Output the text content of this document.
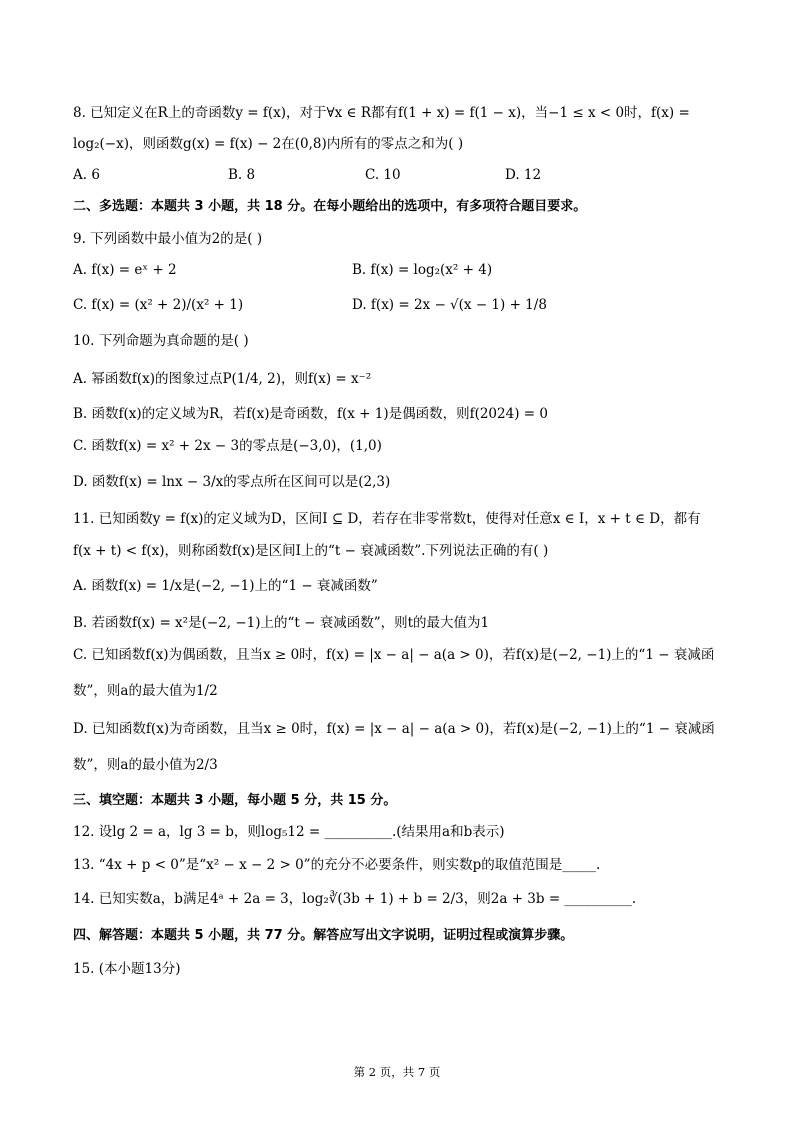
8. 已知定义在R上的奇函数y = f(x)，对于∀x ∈ R都有f(1 + x) = f(1 − x)，当−1 ≤ x < 0时，f(x) =
log₂(−x)，则函数g(x) = f(x) − 2在(0,8)内所有的零点之和为( )
A. 6	B. 8	C. 10	D. 12
二、多选题：本题共 3 小题，共 18 分。在每小题给出的选项中，有多项符合题目要求。
9. 下列函数中最小值为2的是( )
A. f(x) = eˣ + 2	B. f(x) = log₂(x² + 4)
C. f(x) = (x² + 2)/(x² + 1)	D. f(x) = 2x − √(x − 1) + 1/8
10. 下列命题为真命题的是( )
A. 幂函数f(x)的图象过点P(1/4, 2)，则f(x) = x⁻²
B. 函数f(x)的定义域为R，若f(x)是奇函数，f(x + 1)是偶函数，则f(2024) = 0
C. 函数f(x) = x² + 2x − 3的零点是(−3,0)，(1,0)
D. 函数f(x) = lnx − 3/x的零点所在区间可以是(2,3)
11. 已知函数y = f(x)的定义域为D，区间I ⊆ D，若存在非零常数t，使得对任意x ∈ I，x + t ∈ D，都有
f(x + t) < f(x)，则称函数f(x)是区间I上的“t − 衰减函数”.下列说法正确的有( )
A. 函数f(x) = 1/x是(−2, −1)上的“1 − 衰减函数”
B. 若函数f(x) = x²是(−2, −1)上的“t − 衰减函数”，则t的最大值为1
C. 已知函数f(x)为偶函数，且当x ≥ 0时，f(x) = |x − a| − a(a > 0)，若f(x)是(−2, −1)上的“1 − 衰减函
数”，则a的最大值为1/2
D. 已知函数f(x)为奇函数，且当x ≥ 0时，f(x) = |x − a| − a(a > 0)，若f(x)是(−2, −1)上的“1 − 衰减函
数”，则a的最小值为2/3
三、填空题：本题共 3 小题，每小题 5 分，共 15 分。
12. 设lg 2 = a，lg 3 = b，则log₅12 = __________.(结果用a和b表示)
13. “4x + p < 0”是“x² − x − 2 > 0”的充分不必要条件，则实数p的取值范围是_____.
14. 已知实数a，b满足4ᵃ + 2a = 3，log₂∛(3b + 1) + b = 2/3，则2a + 3b = __________.
四、解答题：本题共 5 小题，共 77 分。解答应写出文字说明，证明过程或演算步骤。
15. (本小题13分)
第 2 页，共 7 页
